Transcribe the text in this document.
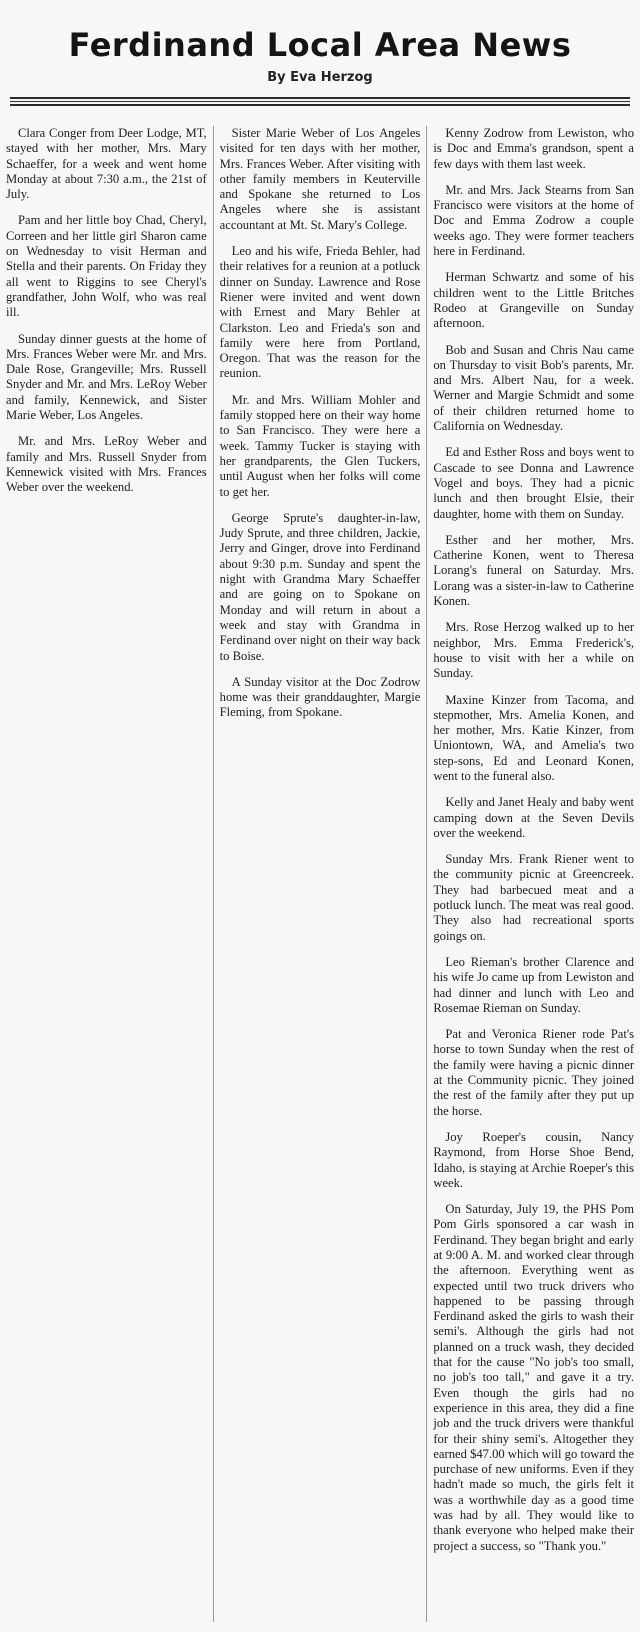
Ferdinand Local Area News
By Eva Herzog

Clara Conger from Deer Lodge, MT, stayed with her mother, Mrs. Mary Schaeffer, for a week and went home Monday at about 7:30 a.m., the 21st of July.

Pam and her little boy Chad, Cheryl, Correen and her little girl Sharon came on Wednesday to visit Herman and Stella and their parents. On Friday they all went to Riggins to see Cheryl's grandfather, John Wolf, who was real ill.

Sunday dinner guests at the home of Mrs. Frances Weber were Mr. and Mrs. Dale Rose, Grangeville; Mrs. Russell Snyder and Mr. and Mrs. LeRoy Weber and family, Kennewick, and Sister Marie Weber, Los Angeles.

Mr. and Mrs. LeRoy Weber and family and Mrs. Russell Snyder from Kennewick visited with Mrs. Frances Weber over the weekend.

Sister Marie Weber of Los Angeles visited for ten days with her mother, Mrs. Frances Weber. After visiting with other family members in Keuterville and Spokane she returned to Los Angeles where she is assistant accountant at Mt. St. Mary's College.

Leo and his wife, Frieda Behler, had their relatives for a reunion at a potluck dinner on Sunday. Lawrence and Rose Riener were invited and went down with Ernest and Mary Behler at Clarkston. Leo and Frieda's son and family were here from Portland, Oregon. That was the reason for the reunion.

Mr. and Mrs. William Mohler and family stopped here on their way home to San Francisco. They were here a week. Tammy Tucker is staying with her grandparents, the Glen Tuckers, until August when her folks will come to get her.

George Sprute's daughter-in-law, Judy Sprute, and three children, Jackie, Jerry and Ginger, drove into Ferdinand about 9:30 p.m. Sunday and spent the night with Grandma Mary Schaeffer and are going on to Spokane on Monday and will return in about a week and stay with Grandma in Ferdinand over night on their way back to Boise.

A Sunday visitor at the Doc Zodrow home was their granddaughter, Margie Fleming, from Spokane.

Kenny Zodrow from Lewiston, who is Doc and Emma's grandson, spent a few days with them last week.

Mr. and Mrs. Jack Stearns from San Francisco were visitors at the home of Doc and Emma Zodrow a couple weeks ago. They were former teachers here in Ferdinand.

Herman Schwartz and some of his children went to the Little Britches Rodeo at Grangeville on Sunday afternoon.

Bob and Susan and Chris Nau came on Thursday to visit Bob's parents, Mr. and Mrs. Albert Nau, for a week. Werner and Margie Schmidt and some of their children returned home to California on Wednesday.

Ed and Esther Ross and boys went to Cascade to see Donna and Lawrence Vogel and boys. They had a picnic lunch and then brought Elsie, their daughter, home with them on Sunday.

Esther and her mother, Mrs. Catherine Konen, went to Theresa Lorang's funeral on Saturday. Mrs. Lorang was a sister-in-law to Catherine Konen.

Mrs. Rose Herzog walked up to her neighbor, Mrs. Emma Frederick's, house to visit with her a while on Sunday.

Maxine Kinzer from Tacoma, and stepmother, Mrs. Amelia Konen, and her mother, Mrs. Katie Kinzer, from Uniontown, WA, and Amelia's two step-sons, Ed and Leonard Konen, went to the funeral also.

Kelly and Janet Healy and baby went camping down at the Seven Devils over the weekend.

Sunday Mrs. Frank Riener went to the community picnic at Greencreek. They had barbecued meat and a potluck lunch. The meat was real good. They also had recreational sports goings on.

Leo Rieman's brother Clarence and his wife Jo came up from Lewiston and had dinner and lunch with Leo and Rosemae Rieman on Sunday.

Pat and Veronica Riener rode Pat's horse to town Sunday when the rest of the family were having a picnic dinner at the Community picnic. They joined the rest of the family after they put up the horse.

Joy Roeper's cousin, Nancy Raymond, from Horse Shoe Bend, Idaho, is staying at Archie Roeper's this week.

On Saturday, July 19, the PHS Pom Pom Girls sponsored a car wash in Ferdinand. They began bright and early at 9:00 A. M. and worked clear through the afternoon. Everything went as expected until two truck drivers who happened to be passing through Ferdinand asked the girls to wash their semi's. Although the girls had not planned on a truck wash, they decided that for the cause "No job's too small, no job's too tall," and gave it a try. Even though the girls had no experience in this area, they did a fine job and the truck drivers were thankful for their shiny semi's. Altogether they earned $47.00 which will go toward the purchase of new uniforms. Even if they hadn't made so much, the girls felt it was a worthwhile day as a good time was had by all. They would like to thank everyone who helped make their project a success, so "Thank you."
